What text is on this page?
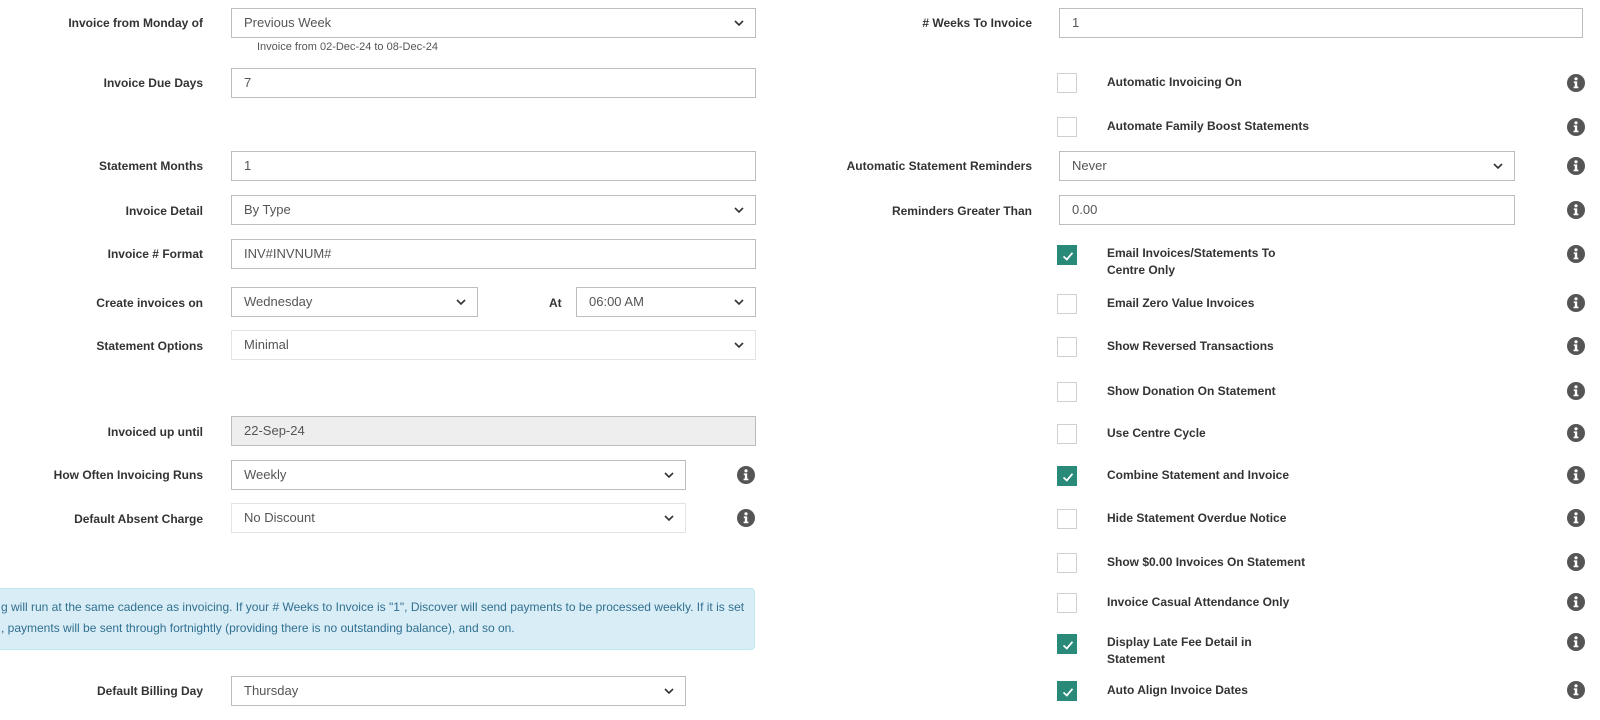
Invoice from Monday of	Previous Week
Invoice from 02-Dec-24 to 08-Dec-24
Invoice Due Days	7
Statement Months	1
Invoice Detail	By Type
Invoice # Format	INV#INVNUM#
Create invoices on	Wednesday	At	06:00 AM
Statement Options	Minimal
Invoiced up until	22-Sep-24
How Often Invoicing Runs	Weekly
Default Absent Charge	No Discount
g will run at the same cadence as invoicing. If your # Weeks to Invoice is "1", Discover will send payments to be processed weekly. If it is set
, payments will be sent through fortnightly (providing there is no outstanding balance), and so on.
Default Billing Day	Thursday
# Weeks To Invoice	1
Automatic Statement Reminders	Never
Reminders Greater Than	0.00
Automatic Invoicing On
Automate Family Boost Statements
Email Invoices/Statements To
Centre Only
Email Zero Value Invoices
Show Reversed Transactions
Show Donation On Statement
Use Centre Cycle
Combine Statement and Invoice
Hide Statement Overdue Notice
Show $0.00 Invoices On Statement
Invoice Casual Attendance Only
Display Late Fee Detail in
Statement
Auto Align Invoice Dates
